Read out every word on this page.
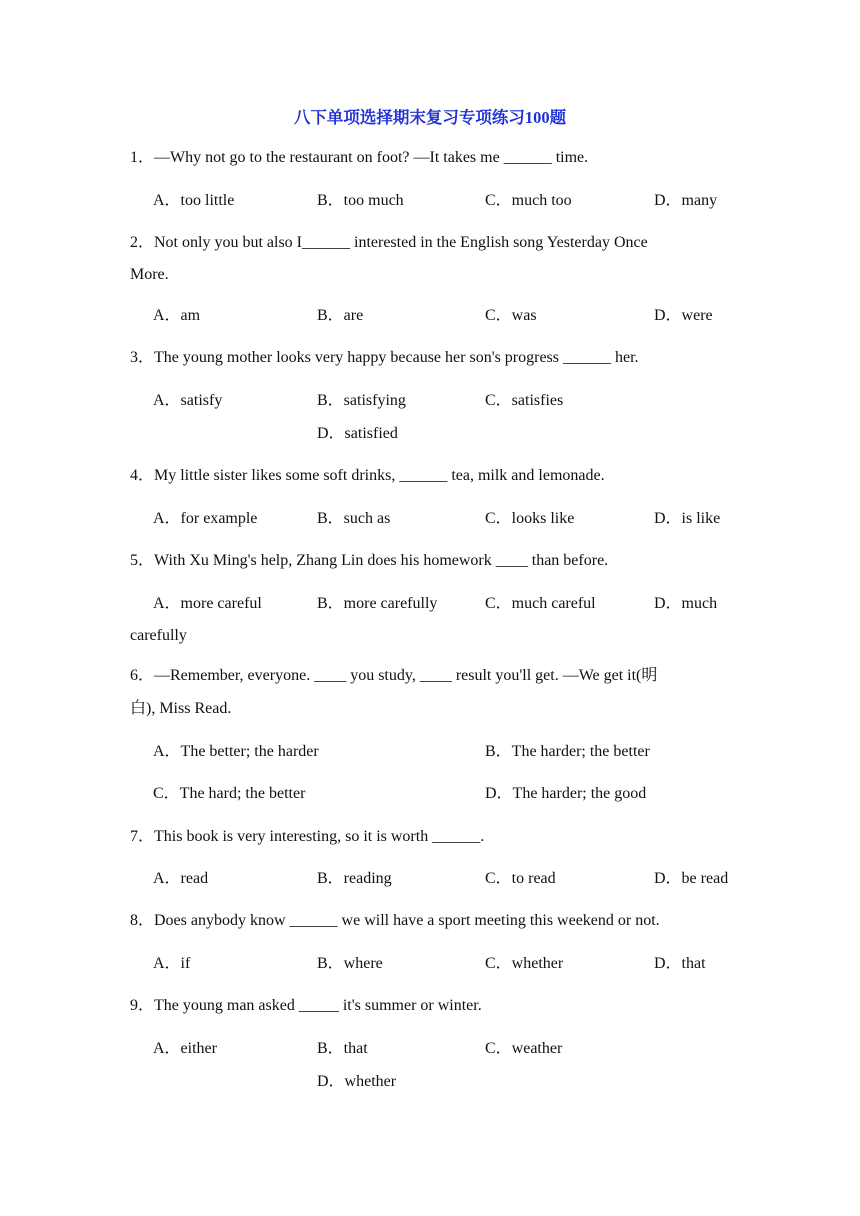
八下单项选择期末复习专项练习100题
1．—Why not go to the restaurant on foot? —It takes me ______ time.
A．too little	B．too much	C．much too	D．many
2．Not only you but also I______ interested in the English song Yesterday Once
More.
A．am	B．are	C．was	D．were
3．The young mother looks very happy because her son's progress ______ her.
A．satisfy	B．satisfying	C．satisfies
D．satisfied
4．My little sister likes some soft drinks, ______ tea, milk and lemonade.
A．for example	B．such as	C．looks like	D．is like
5．With Xu Ming's help, Zhang Lin does his homework ____ than before.
A．more careful	B．more carefully	C．much careful	D．much
carefully
6．—Remember, everyone. ____ you study, ____ result you'll get. —We get it(明
白), Miss Read.
A．The better; the harder	B．The harder; the better
C．The hard; the better	D．The harder; the good
7．This book is very interesting, so it is worth ______.
A．read	B．reading	C．to read	D．be read
8．Does anybody know ______ we will have a sport meeting this weekend or not.
A．if	B．where	C．whether	D．that
9．The young man asked _____ it's summer or winter.
A．either	B．that	C．weather
D．whether
